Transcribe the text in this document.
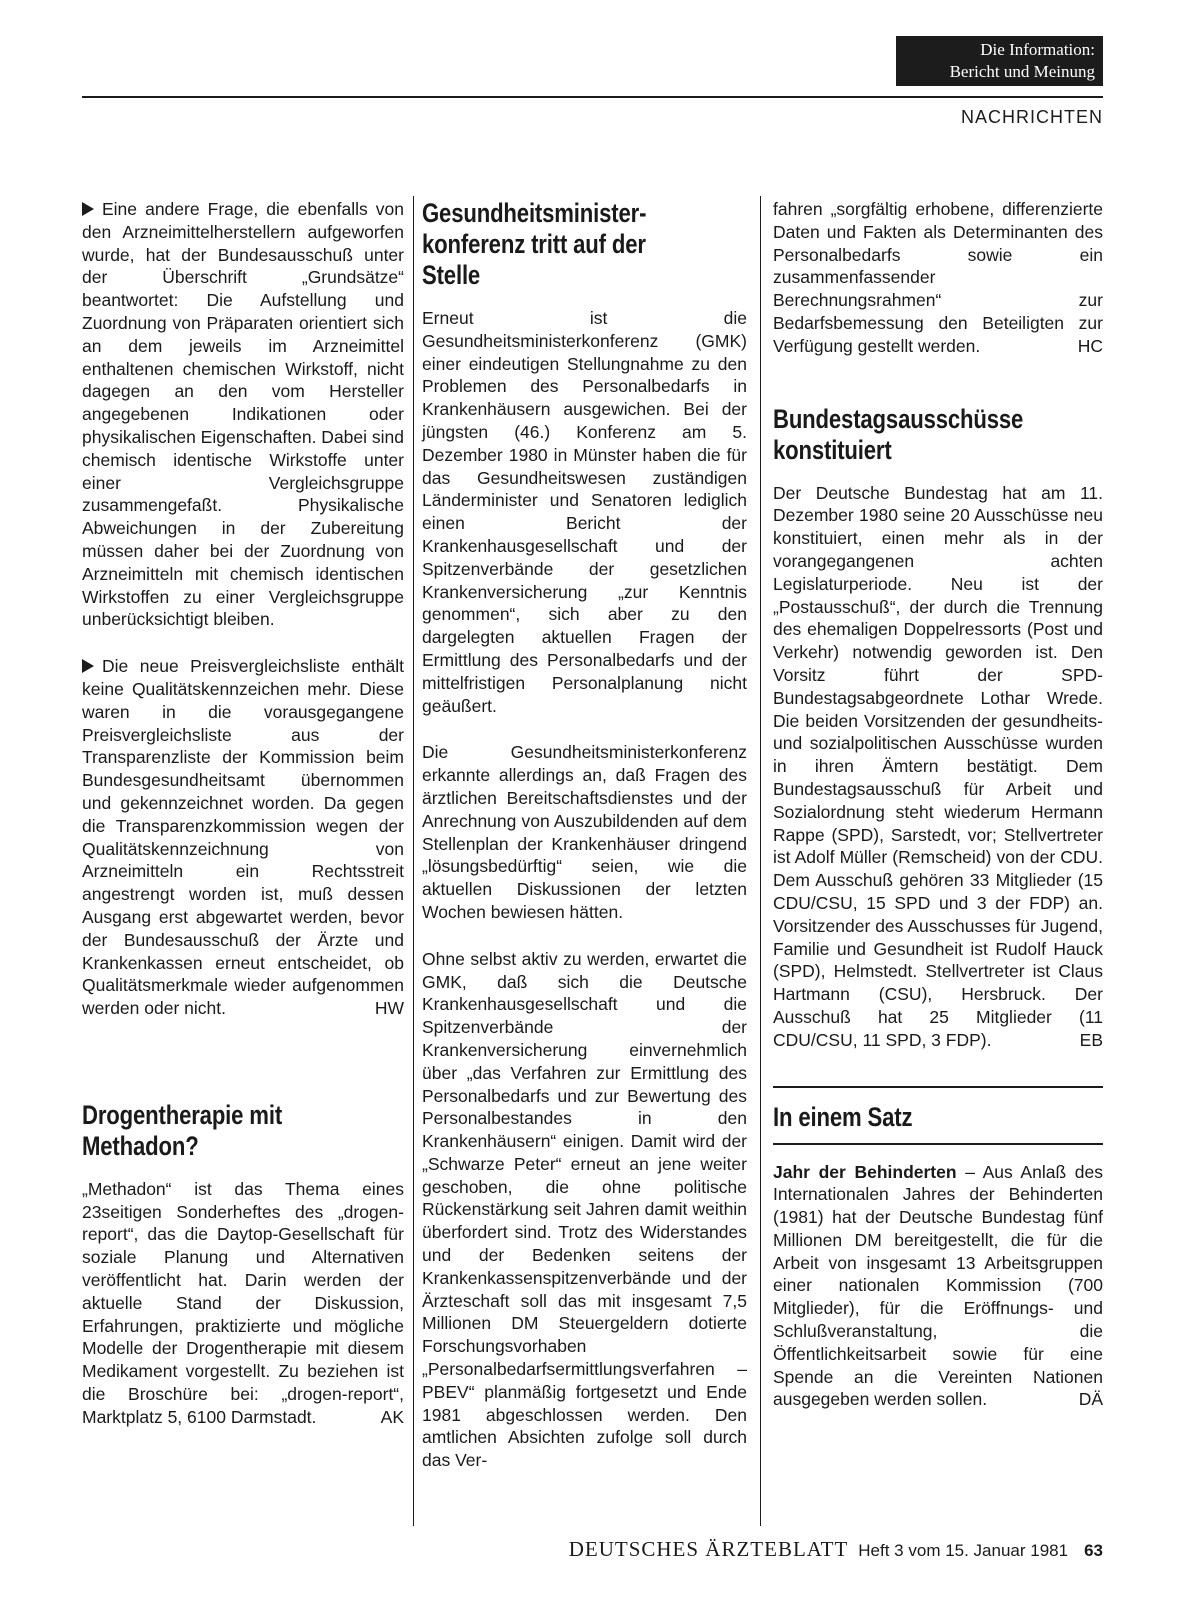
Die Information:
Bericht und Meinung
NACHRICHTEN

Eine andere Frage, die ebenfalls von den Arzneimittelherstellern aufgeworfen wurde, hat der Bundesausschuß unter der Überschrift „Grundsätze“ beantwortet: Die Aufstellung und Zuordnung von Präparaten orientiert sich an dem jeweils im Arzneimittel enthaltenen chemischen Wirkstoff, nicht dagegen an den vom Hersteller angegebenen Indikationen oder physikalischen Eigenschaften. Dabei sind chemisch identische Wirkstoffe unter einer Vergleichsgruppe zusammengefaßt. Physikalische Abweichungen in der Zubereitung müssen daher bei der Zuordnung von Arzneimitteln mit chemisch identischen Wirkstoffen zu einer Vergleichsgruppe unberücksichtigt bleiben.

Die neue Preisvergleichsliste enthält keine Qualitätskennzeichen mehr. Diese waren in die vorausgegangene Preisvergleichsliste aus der Transparenzliste der Kommission beim Bundesgesundheitsamt übernommen und gekennzeichnet worden. Da gegen die Transparenzkommission wegen der Qualitätskennzeichnung von Arzneimitteln ein Rechtsstreit angestrengt worden ist, muß dessen Ausgang erst abgewartet werden, bevor der Bundesausschuß der Ärzte und Krankenkassen erneut entscheidet, ob Qualitätsmerkmale wieder aufgenommen werden oder nicht.	HW

Drogentherapie mit Methadon?

„Methadon“ ist das Thema eines 23seitigen Sonderheftes des „drogen-report“, das die Daytop-Gesellschaft für soziale Planung und Alternativen veröffentlicht hat. Darin werden der aktuelle Stand der Diskussion, Erfahrungen, praktizierte und mögliche Modelle der Drogentherapie mit diesem Medikament vorgestellt. Zu beziehen ist die Broschüre bei: „drogen-report“, Marktplatz 5, 6100 Darmstadt.	AK

Gesundheitsminister-konferenz tritt auf der Stelle

Erneut ist die Gesundheitsministerkonferenz (GMK) einer eindeutigen Stellungnahme zu den Problemen des Personalbedarfs in Krankenhäusern ausgewichen. Bei der jüngsten (46.) Konferenz am 5. Dezember 1980 in Münster haben die für das Gesundheitswesen zuständigen Länderminister und Senatoren lediglich einen Bericht der Krankenhausgesellschaft und der Spitzenverbände der gesetzlichen Krankenversicherung „zur Kenntnis genommen“, sich aber zu den dargelegten aktuellen Fragen der Ermittlung des Personalbedarfs und der mittelfristigen Personalplanung nicht geäußert.

Die Gesundheitsministerkonferenz erkannte allerdings an, daß Fragen des ärztlichen Bereitschaftsdienstes und der Anrechnung von Auszubildenden auf dem Stellenplan der Krankenhäuser dringend „lösungsbedürftig“ seien, wie die aktuellen Diskussionen der letzten Wochen bewiesen hätten.

Ohne selbst aktiv zu werden, erwartet die GMK, daß sich die Deutsche Krankenhausgesellschaft und die Spitzenverbände der Krankenversicherung einvernehmlich über „das Verfahren zur Ermittlung des Personalbedarfs und zur Bewertung des Personalbestandes in den Krankenhäusern“ einigen. Damit wird der „Schwarze Peter“ erneut an jene weiter geschoben, die ohne politische Rückenstärkung seit Jahren damit weithin überfordert sind. Trotz des Widerstandes und der Bedenken seitens der Krankenkassenspitzenverbände und der Ärzteschaft soll das mit insgesamt 7,5 Millionen DM Steuergeldern dotierte Forschungsvorhaben „Personalbedarfsermittlungsverfahren – PBEV“ planmäßig fortgesetzt und Ende 1981 abgeschlossen werden. Den amtlichen Absichten zufolge soll durch das Ver-

fahren „sorgfältig erhobene, differenzierte Daten und Fakten als Determinanten des Personalbedarfs sowie ein zusammenfassender Berechnungsrahmen“ zur Bedarfsbemessung den Beteiligten zur Verfügung gestellt werden.	HC

Bundestagsausschüsse konstituiert

Der Deutsche Bundestag hat am 11. Dezember 1980 seine 20 Ausschüsse neu konstituiert, einen mehr als in der vorangegangenen achten Legislaturperiode. Neu ist der „Postausschuß“, der durch die Trennung des ehemaligen Doppelressorts (Post und Verkehr) notwendig geworden ist. Den Vorsitz führt der SPD-Bundestagsabgeordnete Lothar Wrede. Die beiden Vorsitzenden der gesundheits- und sozialpolitischen Ausschüsse wurden in ihren Ämtern bestätigt. Dem Bundestagsausschuß für Arbeit und Sozialordnung steht wiederum Hermann Rappe (SPD), Sarstedt, vor; Stellvertreter ist Adolf Müller (Remscheid) von der CDU. Dem Ausschuß gehören 33 Mitglieder (15 CDU/CSU, 15 SPD und 3 der FDP) an. Vorsitzender des Ausschusses für Jugend, Familie und Gesundheit ist Rudolf Hauck (SPD), Helmstedt. Stellvertreter ist Claus Hartmann (CSU), Hersbruck. Der Ausschuß hat 25 Mitglieder (11 CDU/CSU, 11 SPD, 3 FDP).	EB

In einem Satz

Jahr der Behinderten – Aus Anlaß des Internationalen Jahres der Behinderten (1981) hat der Deutsche Bundestag fünf Millionen DM bereitgestellt, die für die Arbeit von insgesamt 13 Arbeitsgruppen einer nationalen Kommission (700 Mitglieder), für die Eröffnungs- und Schlußveranstaltung, die Öffentlichkeitsarbeit sowie für eine Spende an die Vereinten Nationen ausgegeben werden sollen.	DÄ

DEUTSCHES ÄRZTEBLATT Heft 3 vom 15. Januar 1981 63
